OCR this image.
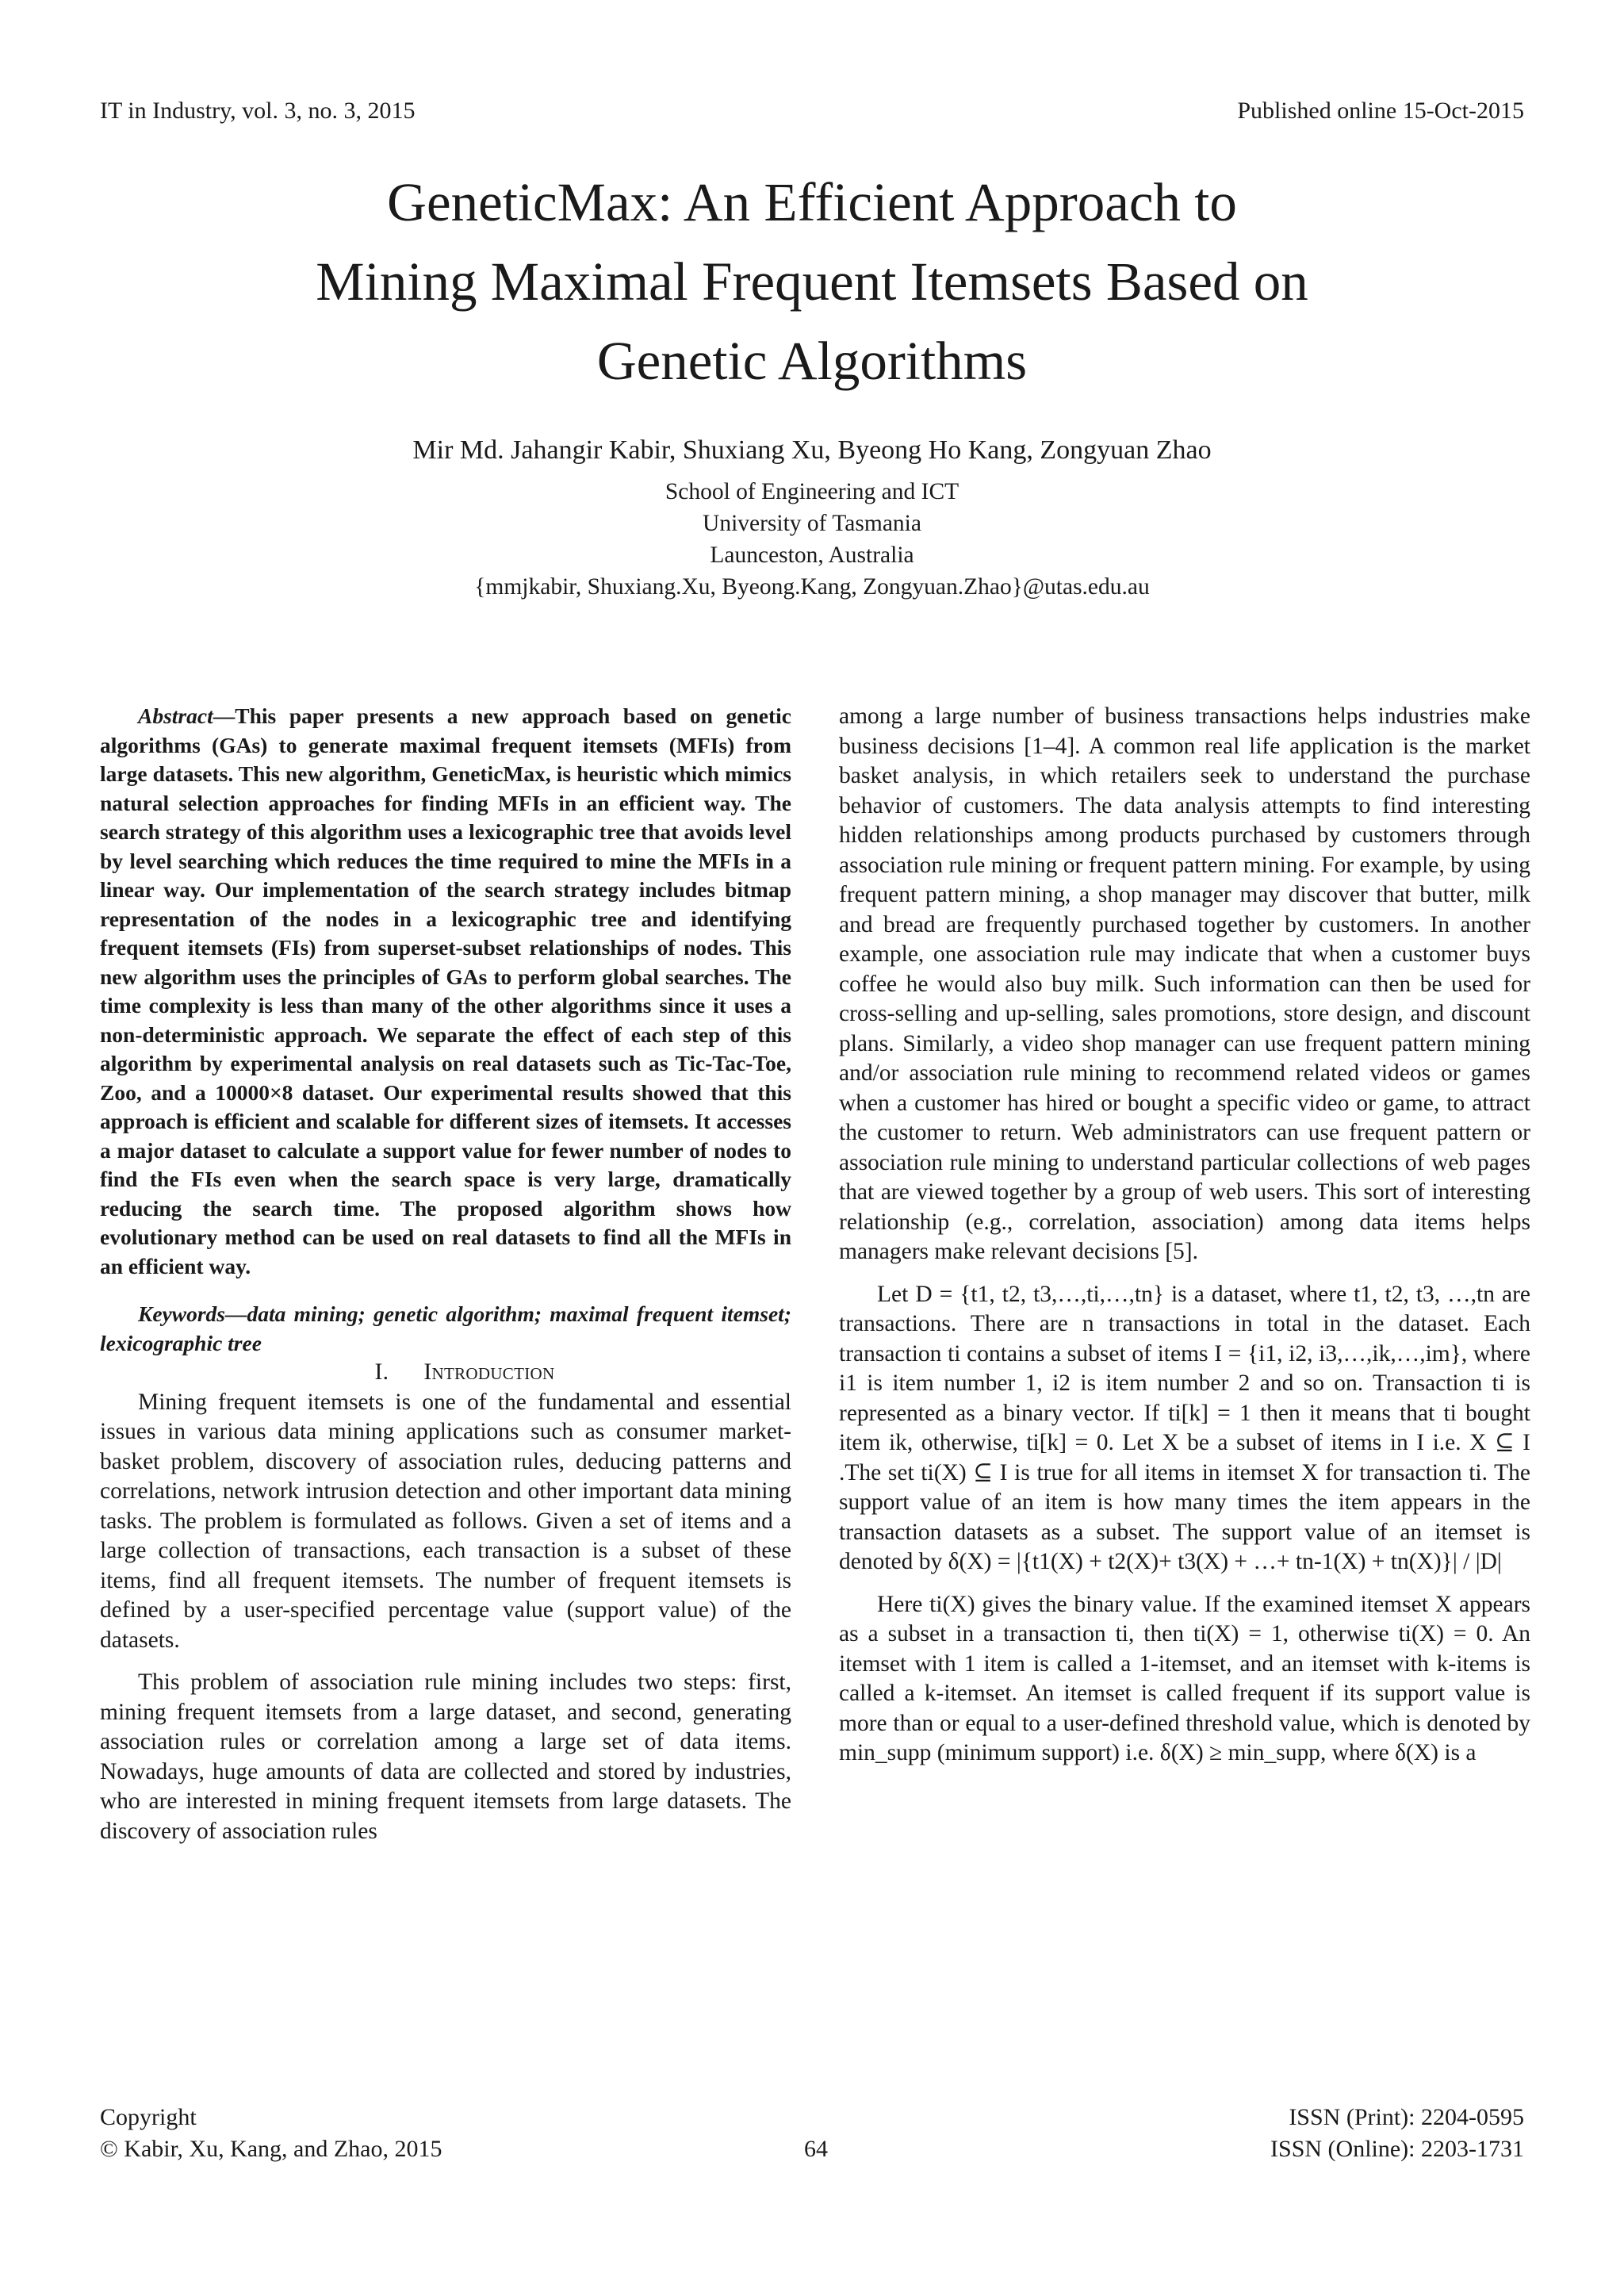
IT in Industry, vol. 3, no. 3, 2015	Published online 15-Oct-2015
GeneticMax: An Efficient Approach to
Mining Maximal Frequent Itemsets Based on
Genetic Algorithms
Mir Md. Jahangir Kabir, Shuxiang Xu, Byeong Ho Kang, Zongyuan Zhao
School of Engineering and ICT
University of Tasmania
Launceston, Australia
{mmjkabir, Shuxiang.Xu, Byeong.Kang, Zongyuan.Zhao}@utas.edu.au

Abstract—This paper presents a new approach based on genetic algorithms (GAs) to generate maximal frequent itemsets (MFIs) from large datasets. This new algorithm, GeneticMax, is heuristic which mimics natural selection approaches for finding MFIs in an efficient way. The search strategy of this algorithm uses a lexicographic tree that avoids level by level searching which reduces the time required to mine the MFIs in a linear way. Our implementation of the search strategy includes bitmap representation of the nodes in a lexicographic tree and identifying frequent itemsets (FIs) from superset-subset relationships of nodes. This new algorithm uses the principles of GAs to perform global searches. The time complexity is less than many of the other algorithms since it uses a non-deterministic approach. We separate the effect of each step of this algorithm by experimental analysis on real datasets such as Tic-Tac-Toe, Zoo, and a 10000×8 dataset. Our experimental results showed that this approach is efficient and scalable for different sizes of itemsets. It accesses a major dataset to calculate a support value for fewer number of nodes to find the FIs even when the search space is very large, dramatically reducing the search time. The proposed algorithm shows how evolutionary method can be used on real datasets to find all the MFIs in an efficient way.

Keywords—data mining; genetic algorithm; maximal frequent itemset; lexicographic tree

I. Introduction

Mining frequent itemsets is one of the fundamental and essential issues in various data mining applications such as consumer market-basket problem, discovery of association rules, deducing patterns and correlations, network intrusion detection and other important data mining tasks. The problem is formulated as follows. Given a set of items and a large collection of transactions, each transaction is a subset of these items, find all frequent itemsets. The number of frequent itemsets is defined by a user-specified percentage value (support value) of the datasets.

This problem of association rule mining includes two steps: first, mining frequent itemsets from a large dataset, and second, generating association rules or correlation among a large set of data items. Nowadays, huge amounts of data are collected and stored by industries, who are interested in mining frequent itemsets from large datasets. The discovery of association rules

among a large number of business transactions helps industries make business decisions [1–4]. A common real life application is the market basket analysis, in which retailers seek to understand the purchase behavior of customers. The data analysis attempts to find interesting hidden relationships among products purchased by customers through association rule mining or frequent pattern mining. For example, by using frequent pattern mining, a shop manager may discover that butter, milk and bread are frequently purchased together by customers. In another example, one association rule may indicate that when a customer buys coffee he would also buy milk. Such information can then be used for cross-selling and up-selling, sales promotions, store design, and discount plans. Similarly, a video shop manager can use frequent pattern mining and/or association rule mining to recommend related videos or games when a customer has hired or bought a specific video or game, to attract the customer to return. Web administrators can use frequent pattern or association rule mining to understand particular collections of web pages that are viewed together by a group of web users. This sort of interesting relationship (e.g., correlation, association) among data items helps managers make relevant decisions [5].

Let D = {t1, t2, t3,…,ti,…,tn} is a dataset, where t1, t2, t3, …,tn are transactions. There are n transactions in total in the dataset. Each transaction ti contains a subset of items I = {i1, i2, i3,…,ik,…,im}, where i1 is item number 1, i2 is item number 2 and so on. Transaction ti is represented as a binary vector. If ti[k] = 1 then it means that ti bought item ik, otherwise, ti[k] = 0. Let X be a subset of items in I i.e. X ⊆ I .The set ti(X) ⊆ I is true for all items in itemset X for transaction ti. The support value of an item is how many times the item appears in the transaction datasets as a subset. The support value of an itemset is denoted by δ(X) = |{t1(X) + t2(X)+ t3(X) + …+ tn-1(X) + tn(X)}| / |D|

Here ti(X) gives the binary value. If the examined itemset X appears as a subset in a transaction ti, then ti(X) = 1, otherwise ti(X) = 0. An itemset with 1 item is called a 1-itemset, and an itemset with k-items is called a k-itemset. An itemset is called frequent if its support value is more than or equal to a user-defined threshold value, which is denoted by min_supp (minimum support) i.e. δ(X) ≥ min_supp, where δ(X) is a

Copyright
© Kabir, Xu, Kang, and Zhao, 2015	64
ISSN (Print): 2204-0595
ISSN (Online): 2203-1731
